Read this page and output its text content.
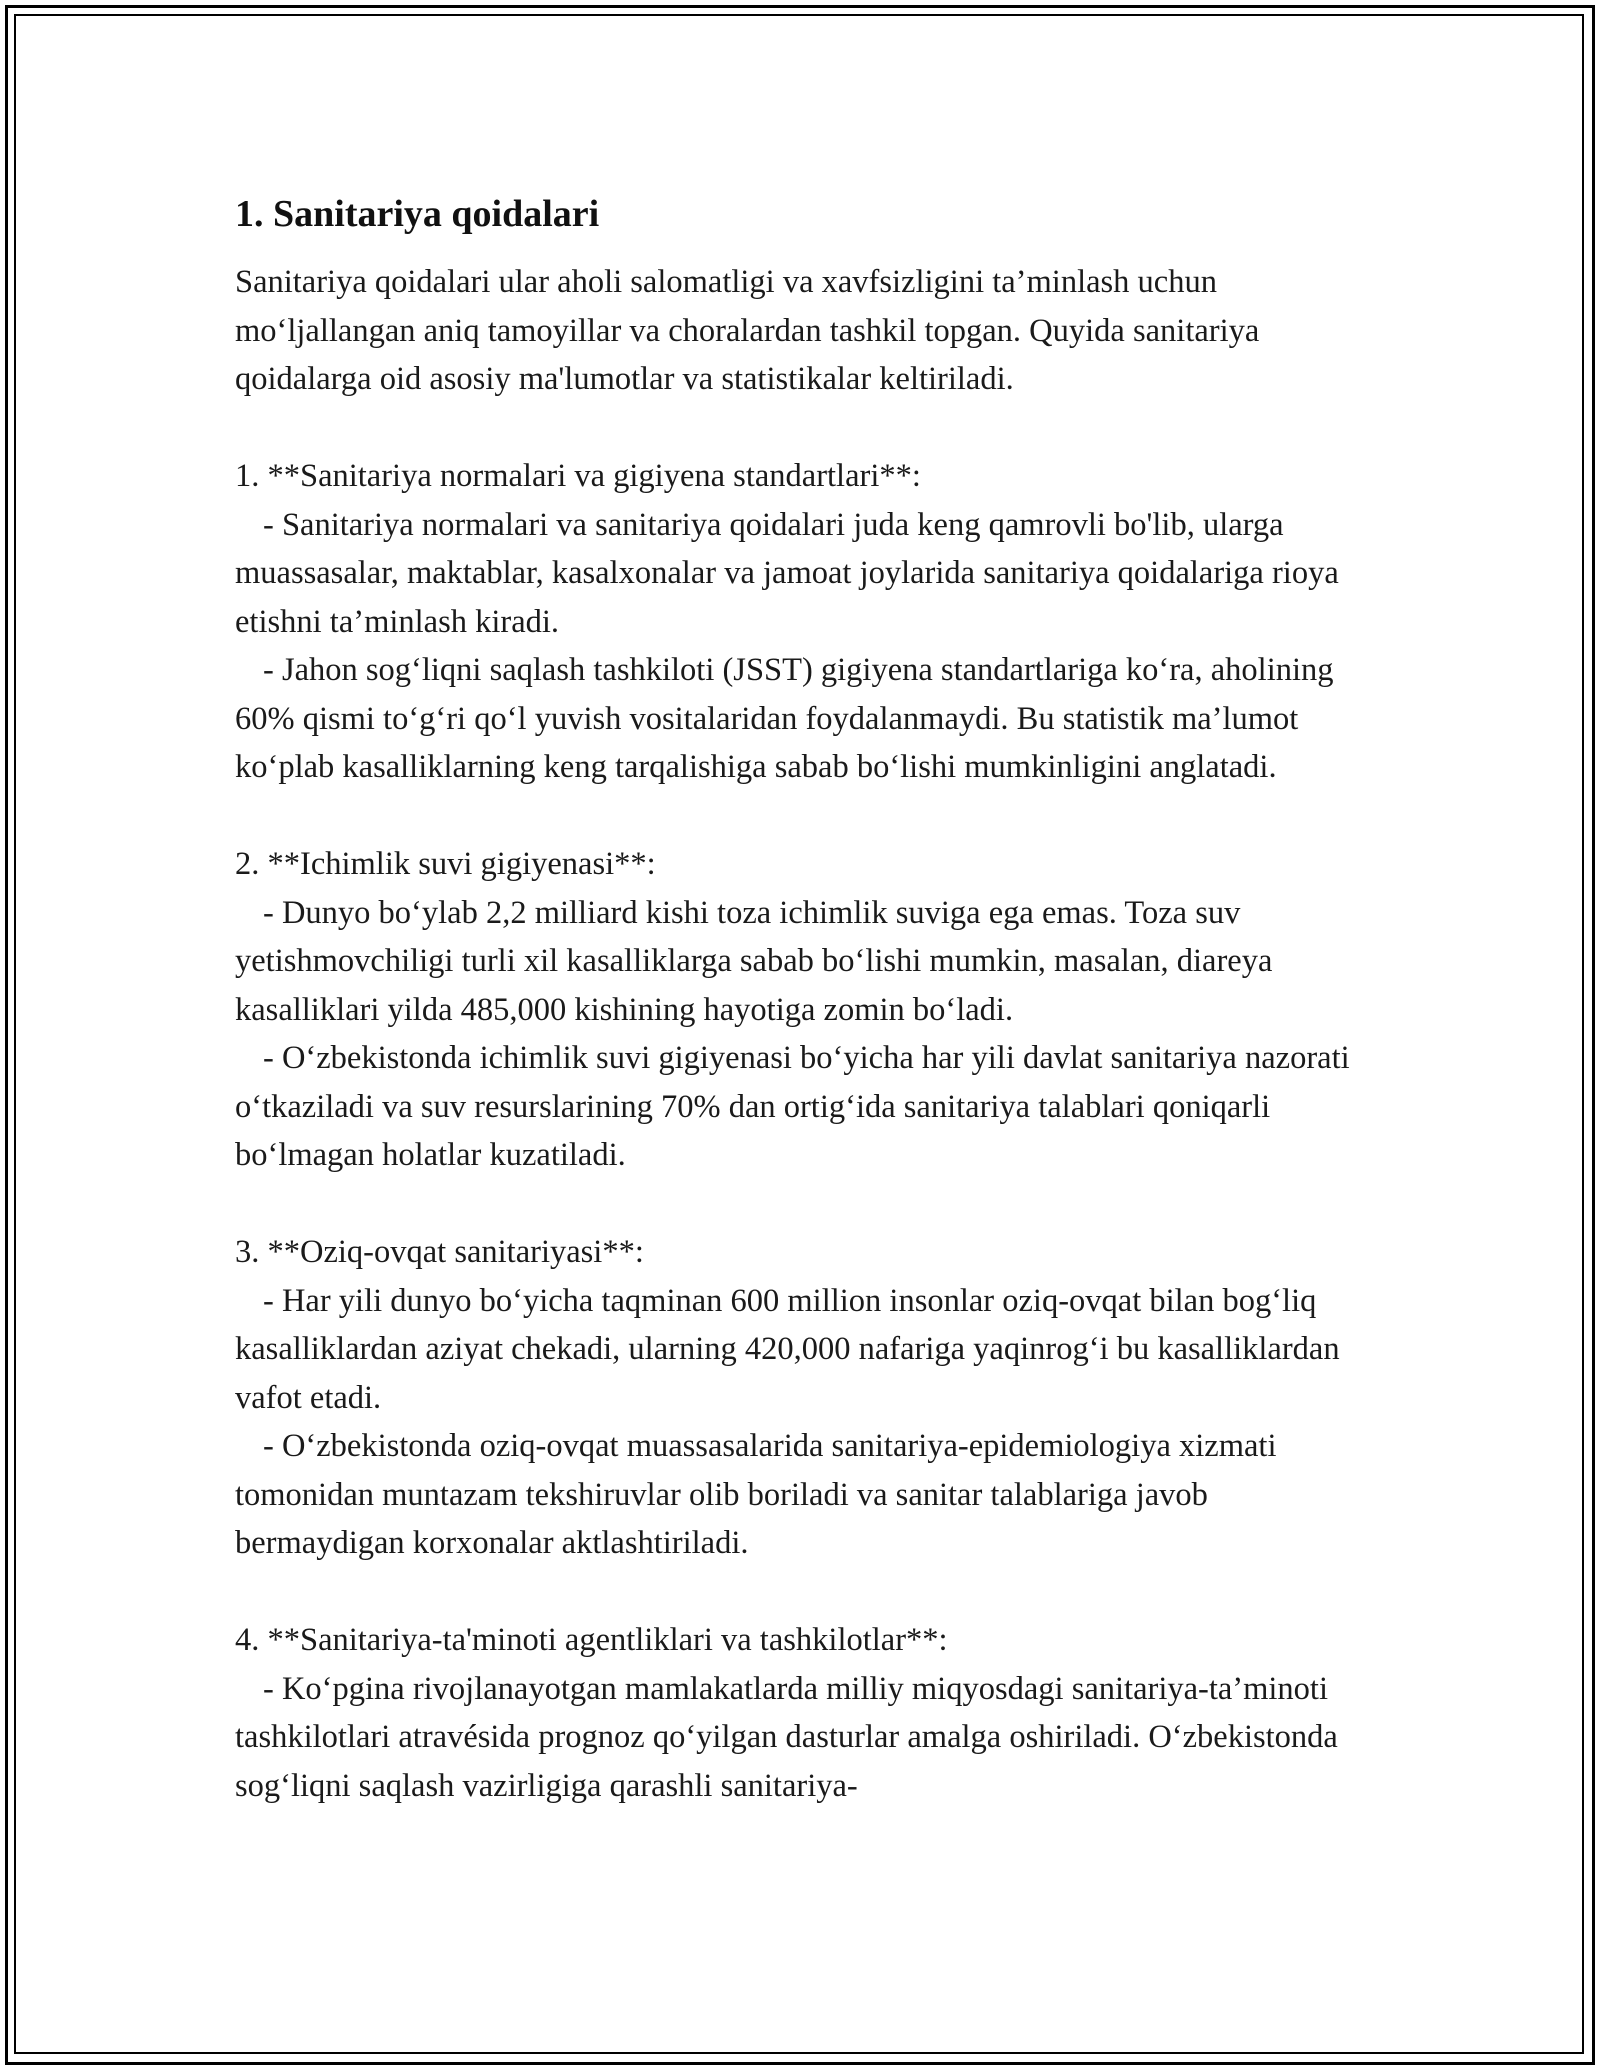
1. Sanitariya qoidalari

Sanitariya qoidalari ular aholi salomatligi va xavfsizligini ta’minlash uchun mo‘ljallangan aniq tamoyillar va choralardan tashkil topgan. Quyida sanitariya qoidalarga oid asosiy ma'lumotlar va statistikalar keltiriladi.

1. **Sanitariya normalari va gigiyena standartlari**:

- Sanitariya normalari va sanitariya qoidalari juda keng qamrovli bo'lib, ularga muassasalar, maktablar, kasalxonalar va jamoat joylarida sanitariya qoidalariga rioya etishni ta’minlash kiradi.

- Jahon sog‘liqni saqlash tashkiloti (JSST) gigiyena standartlariga ko‘ra, aholining 60% qismi to‘g‘ri qo‘l yuvish vositalaridan foydalanmaydi. Bu statistik ma’lumot ko‘plab kasalliklarning keng tarqalishiga sabab bo‘lishi mumkinligini anglatadi.

2. **Ichimlik suvi gigiyenasi**:

- Dunyo bo‘ylab 2,2 milliard kishi toza ichimlik suviga ega emas. Toza suv yetishmovchiligi turli xil kasalliklarga sabab bo‘lishi mumkin, masalan, diareya kasalliklari yilda 485,000 kishining hayotiga zomin bo‘ladi.

- O‘zbekistonda ichimlik suvi gigiyenasi bo‘yicha har yili davlat sanitariya nazorati o‘tkaziladi va suv resurslarining 70% dan ortig‘ida sanitariya talablari qoniqarli bo‘lmagan holatlar kuzatiladi.

3. **Oziq-ovqat sanitariyasi**:

- Har yili dunyo bo‘yicha taqminan 600 million insonlar oziq-ovqat bilan bog‘liq kasalliklardan aziyat chekadi, ularning 420,000 nafariga yaqinrog‘i bu kasalliklardan vafot etadi.

- O‘zbekistonda oziq-ovqat muassasalarida sanitariya-epidemiologiya xizmati tomonidan muntazam tekshiruvlar olib boriladi va sanitar talablariga javob bermaydigan korxonalar aktlashtiriladi.

4. **Sanitariya-ta'minoti agentliklari va tashkilotlar**:

- Ko‘pgina rivojlanayotgan mamlakatlarda milliy miqyosdagi sanitariya-ta’minoti tashkilotlari atravésida prognoz qo‘yilgan dasturlar amalga oshiriladi. O‘zbekistonda sog‘liqni saqlash vazirligiga qarashli sanitariya-
